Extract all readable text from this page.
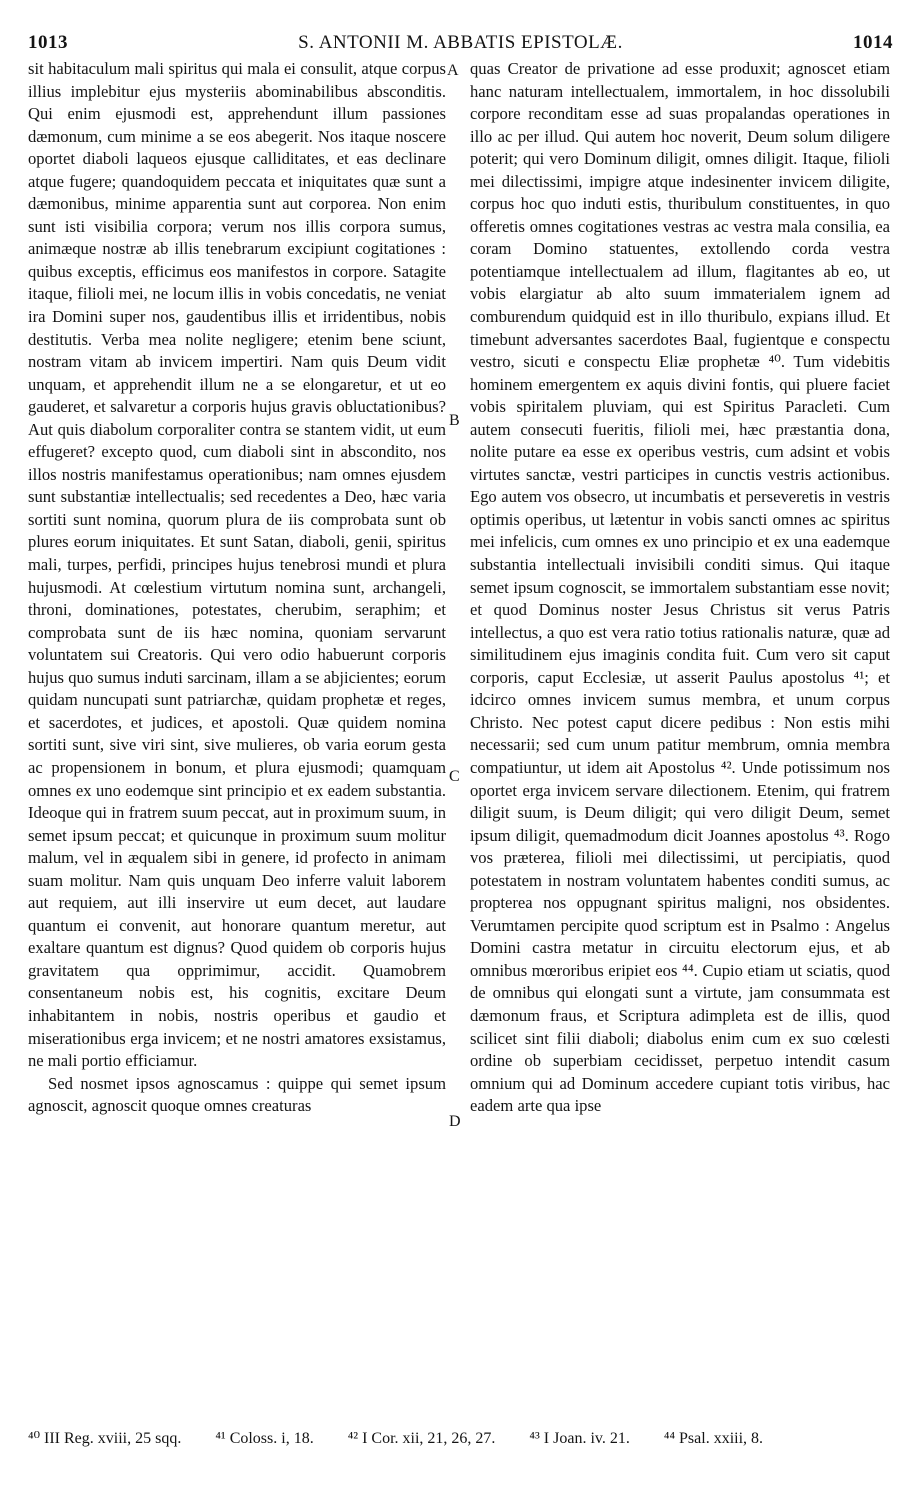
1013	S. ANTONII M. ABBATIS EPISTOLÆ.	1014

sit habitaculum mali spiritus qui mala ei consulit, atque corpus illius implebitur ejus mysteriis abominabilibus absconditis. Qui enim ejusmodi est, apprehendunt illum passiones dæmonum, cum minime a se eos abegerit. Nos itaque noscere oportet diaboli laqueos ejusque calliditates, et eas declinare atque fugere; quandoquidem peccata et iniquitates quæ sunt a dæmonibus, minime apparentia sunt aut corporea. Non enim sunt isti visibilia corpora; verum nos illis corpora sumus, animæque nostræ ab illis tenebrarum excipiunt cogitationes : quibus exceptis, efficimus eos manifestos in corpore. Satagite itaque, filioli mei, ne locum illis in vobis concedatis, ne veniat ira Domini super nos, gaudentibus illis et irridentibus, nobis destitutis. Verba mea nolite negligere; etenim bene sciunt, nostram vitam ab invicem impertiri. Nam quis Deum vidit unquam, et apprehendit illum ne a se elongaretur, et ut eo gauderet, et salvaretur a corporis hujus gravis obluctationibus? Aut quis diabolum corporaliter contra se stantem vidit, ut eum effugeret? excepto quod, cum diaboli sint in abscondito, nos illos nostris manifestamus operationibus; nam omnes ejusdem sunt substantiæ intellectualis; sed recedentes a Deo, hæc varia sortiti sunt nomina, quorum plura de iis comprobata sunt ob plures eorum iniquitates. Et sunt Satan, diaboli, genii, spiritus mali, turpes, perfidi, principes hujus tenebrosi mundi et plura hujusmodi. At cœlestium virtutum nomina sunt, archangeli, throni, dominationes, potestates, cherubim, seraphim; et comprobata sunt de iis hæc nomina, quoniam servarunt voluntatem sui Creatoris. Qui vero odio habuerunt corporis hujus quo sumus induti sarcinam, illam a se abjicientes; eorum quidam nuncupati sunt patriarchæ, quidam prophetæ et reges, et sacerdotes, et judices, et apostoli. Quæ quidem nomina sortiti sunt, sive viri sint, sive mulieres, ob varia eorum gesta ac propensionem in bonum, et plura ejusmodi; quamquam omnes ex uno eodemque sint principio et ex eadem substantia. Ideoque qui in fratrem suum peccat, aut in proximum suum, in semet ipsum peccat; et quicunque in proximum suum molitur malum, vel in æqualem sibi in genere, id profecto in animam suam molitur. Nam quis unquam Deo inferre valuit laborem aut requiem, aut illi inservire ut eum decet, aut laudare quantum ei convenit, aut honorare quantum meretur, aut exaltare quantum est dignus? Quod quidem ob corporis hujus gravitatem qua opprimimur, accidit. Quamobrem consentaneum nobis est, his cognitis, excitare Deum inhabitantem in nobis, nostris operibus et gaudio et miserationibus erga invicem; et ne nostri amatores exsistamus, ne mali portio efficiamur.

Sed nosmet ipsos agnoscamus : quippe qui semet ipsum agnoscit, agnoscit quoque omnes creaturas

A
B
C
D

quas Creator de privatione ad esse produxit; agnoscet etiam hanc naturam intellectualem, immortalem, in hoc dissolubili corpore reconditam esse ad suas propalandas operationes in illo ac per illud. Qui autem hoc noverit, Deum solum diligere poterit; qui vero Dominum diligit, omnes diligit. Itaque, filioli mei dilectissimi, impigre atque indesinenter invicem diligite, corpus hoc quo induti estis, thuribulum constituentes, in quo offeretis omnes cogitationes vestras ac vestra mala consilia, ea coram Domino statuentes, extollendo corda vestra potentiamque intellectualem ad illum, flagitantes ab eo, ut vobis elargiatur ab alto suum immaterialem ignem ad comburendum quidquid est in illo thuribulo, expians illud. Et timebunt adversantes sacerdotes Baal, fugientque e conspectu vestro, sicuti e conspectu Eliæ prophetæ ⁴⁰. Tum videbitis hominem emergentem ex aquis divini fontis, qui pluere faciet vobis spiritalem pluviam, qui est Spiritus Paracleti. Cum autem consecuti fueritis, filioli mei, hæc præstantia dona, nolite putare ea esse ex operibus vestris, cum adsint et vobis virtutes sanctæ, vestri participes in cunctis vestris actionibus. Ego autem vos obsecro, ut incumbatis et perseveretis in vestris optimis operibus, ut lætentur in vobis sancti omnes ac spiritus mei infelicis, cum omnes ex uno principio et ex una eademque substantia intellectuali invisibili conditi simus. Qui itaque semet ipsum cognoscit, se immortalem substantiam esse novit; et quod Dominus noster Jesus Christus sit verus Patris intellectus, a quo est vera ratio totius rationalis naturæ, quæ ad similitudinem ejus imaginis condita fuit. Cum vero sit caput corporis, caput Ecclesiæ, ut asserit Paulus apostolus ⁴¹; et idcirco omnes invicem sumus membra, et unum corpus Christo. Nec potest caput dicere pedibus : Non estis mihi necessarii; sed cum unum patitur membrum, omnia membra compatiuntur, ut idem ait Apostolus ⁴². Unde potissimum nos oportet erga invicem servare dilectionem. Etenim, qui fratrem diligit suum, is Deum diligit; qui vero diligit Deum, semet ipsum diligit, quemadmodum dicit Joannes apostolus ⁴³. Rogo vos præterea, filioli mei dilectissimi, ut percipiatis, quod potestatem in nostram voluntatem habentes conditi sumus, ac propterea nos oppugnant spiritus maligni, nos obsidentes. Verumtamen percipite quod scriptum est in Psalmo : Angelus Domini castra metatur in circuitu electorum ejus, et ab omnibus mœroribus eripiet eos ⁴⁴. Cupio etiam ut sciatis, quod de omnibus qui elongati sunt a virtute, jam consummata est dæmonum fraus, et Scriptura adimpleta est de illis, quod scilicet sint filii diaboli; diabolus enim cum ex suo cœlesti ordine ob superbiam cecidisset, perpetuo intendit casum omnium qui ad Dominum accedere cupiant totis viribus, hac eadem arte qua ipse

⁴⁰ III Reg. xviii, 25 sqq. ⁴¹ Coloss. i, 18. ⁴² I Cor. xii, 21, 26, 27. ⁴³ I Joan. iv. 21. ⁴⁴ Psal. xxiii, 8.
